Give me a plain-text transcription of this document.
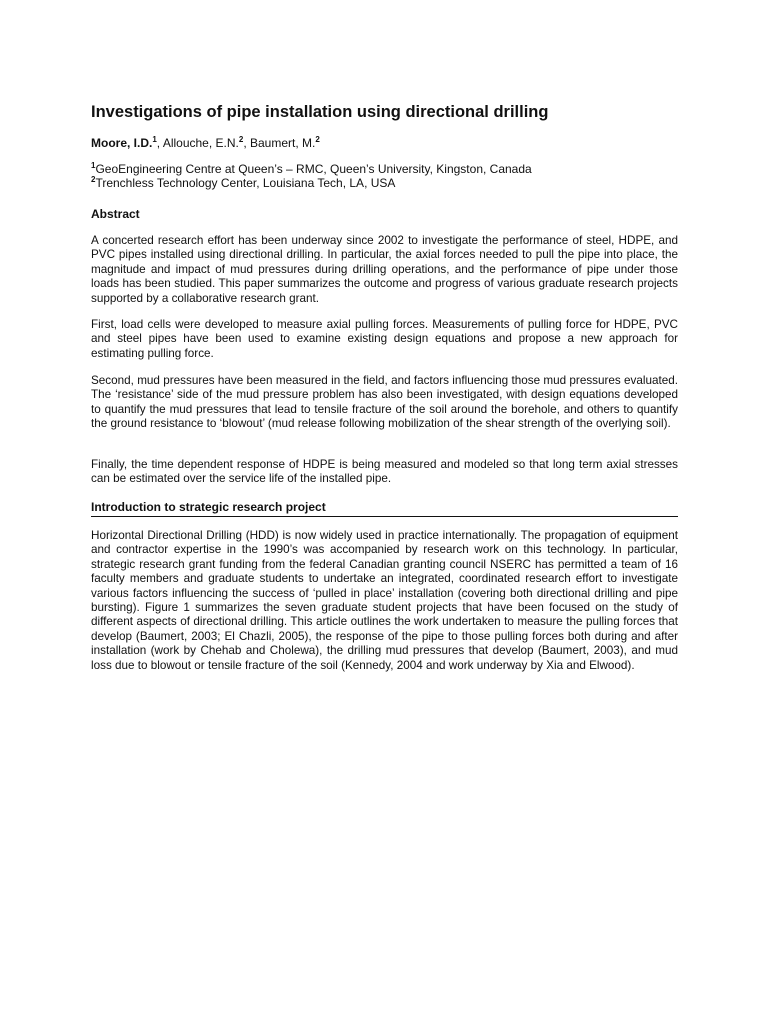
Investigations of pipe installation using directional drilling
Moore, I.D.$^1$, Allouche, E.N.$^2$, Baumert, M.$^2$
$^1$GeoEngineering Centre at Queen’s – RMC, Queen’s University, Kingston, Canada
$^2$Trenchless Technology Center, Louisiana Tech, LA, USA
Abstract

A concerted research effort has been underway since 2002 to investigate the performance of steel, HDPE, and PVC pipes installed using directional drilling. In particular, the axial forces needed to pull the pipe into place, the magnitude and impact of mud pressures during drilling operations, and the performance of pipe under those loads has been studied. This paper summarizes the outcome and progress of various graduate research projects supported by a collaborative research grant.

First, load cells were developed to measure axial pulling forces. Measurements of pulling force for HDPE, PVC and steel pipes have been used to examine existing design equations and propose a new approach for estimating pulling force.

Second, mud pressures have been measured in the field, and factors influencing those mud pressures evaluated. The ‘resistance’ side of the mud pressure problem has also been investigated, with design equations developed to quantify the mud pressures that lead to tensile fracture of the soil around the borehole, and others to quantify the ground resistance to ‘blowout’ (mud release following mobilization of the shear strength of the overlying soil).

Finally, the time dependent response of HDPE is being measured and modeled so that long term axial stresses can be estimated over the service life of the installed pipe.

Introduction to strategic research project

Horizontal Directional Drilling (HDD) is now widely used in practice internationally. The propagation of equipment and contractor expertise in the 1990’s was accompanied by research work on this technology. In particular, strategic research grant funding from the federal Canadian granting council NSERC has permitted a team of 16 faculty members and graduate students to undertake an integrated, coordinated research effort to investigate various factors influencing the success of ‘pulled in place’ installation (covering both directional drilling and pipe bursting). Figure 1 summarizes the seven graduate student projects that have been focused on the study of different aspects of directional drilling. This article outlines the work undertaken to measure the pulling forces that develop (Baumert, 2003; El Chazli, 2005), the response of the pipe to those pulling forces both during and after installation (work by Chehab and Cholewa), the drilling mud pressures that develop (Baumert, 2003), and mud loss due to blowout or tensile fracture of the soil (Kennedy, 2004 and work underway by Xia and Elwood).
